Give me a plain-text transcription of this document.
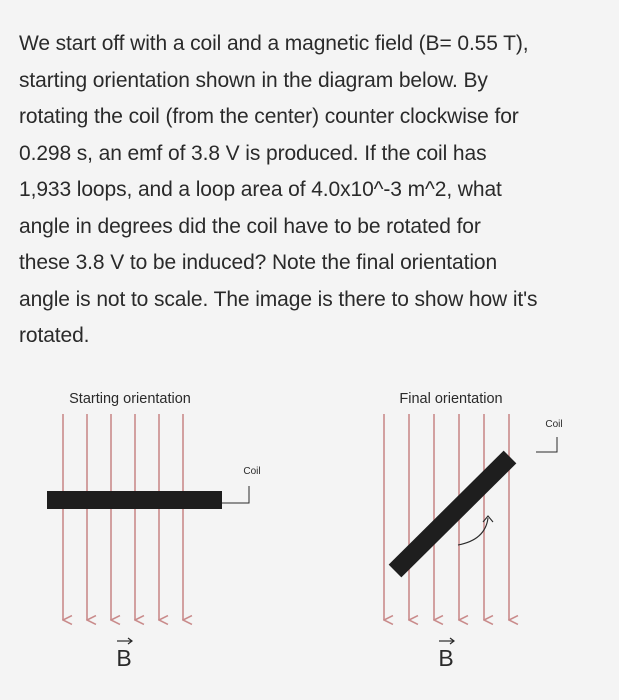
We start off with a coil and a magnetic field (B= 0.55 T),
starting orientation shown in the diagram below. By
rotating the coil (from the center) counter clockwise for
0.298 s, an emf of 3.8 V is produced. If the coil has
1,933 loops, and a loop area of 4.0x10^-3 m^2, what
angle in degrees did the coil have to be rotated for
these 3.8 V to be induced? Note the final orientation
angle is not to scale. The image is there to show how it's
rotated.
Starting orientation
Coil
B
Final orientation
Coil
B
